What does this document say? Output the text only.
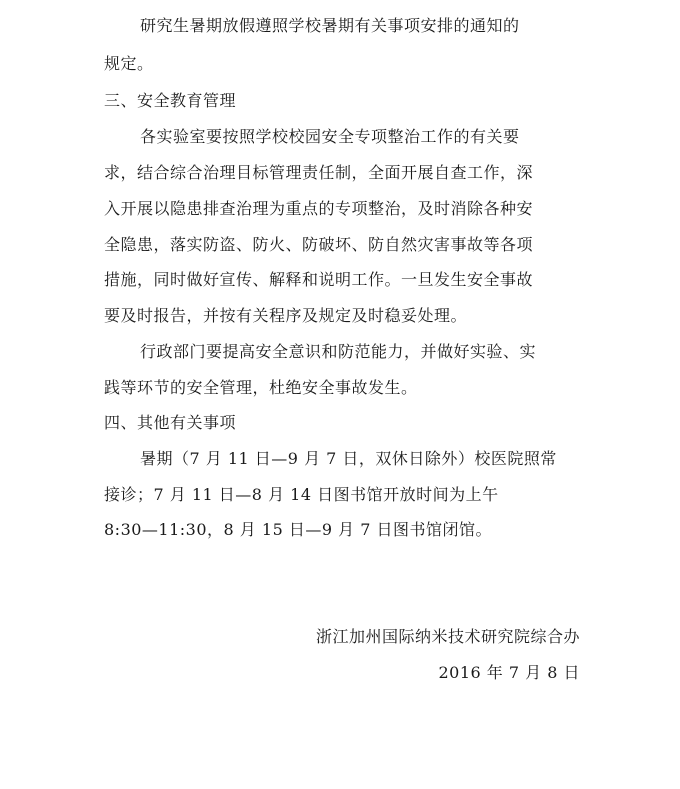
研究生暑期放假遵照学校暑期有关事项安排的通知的
规定。
三、安全教育管理
各实验室要按照学校校园安全专项整治工作的有关要
求，结合综合治理目标管理责任制，全面开展自查工作，深
入开展以隐患排查治理为重点的专项整治，及时消除各种安
全隐患，落实防盗、防火、防破坏、防自然灾害事故等各项
措施，同时做好宣传、解释和说明工作。一旦发生安全事故
要及时报告，并按有关程序及规定及时稳妥处理。
行政部门要提高安全意识和防范能力，并做好实验、实
践等环节的安全管理，杜绝安全事故发生。
四、其他有关事项
暑期（7 月 11 日—9 月 7 日，双休日除外）校医院照常
接诊；7 月 11 日—8 月 14 日图书馆开放时间为上午
8:30—11:30，8 月 15 日—9 月 7 日图书馆闭馆。
浙江加州国际纳米技术研究院综合办
2016 年 7 月 8 日
